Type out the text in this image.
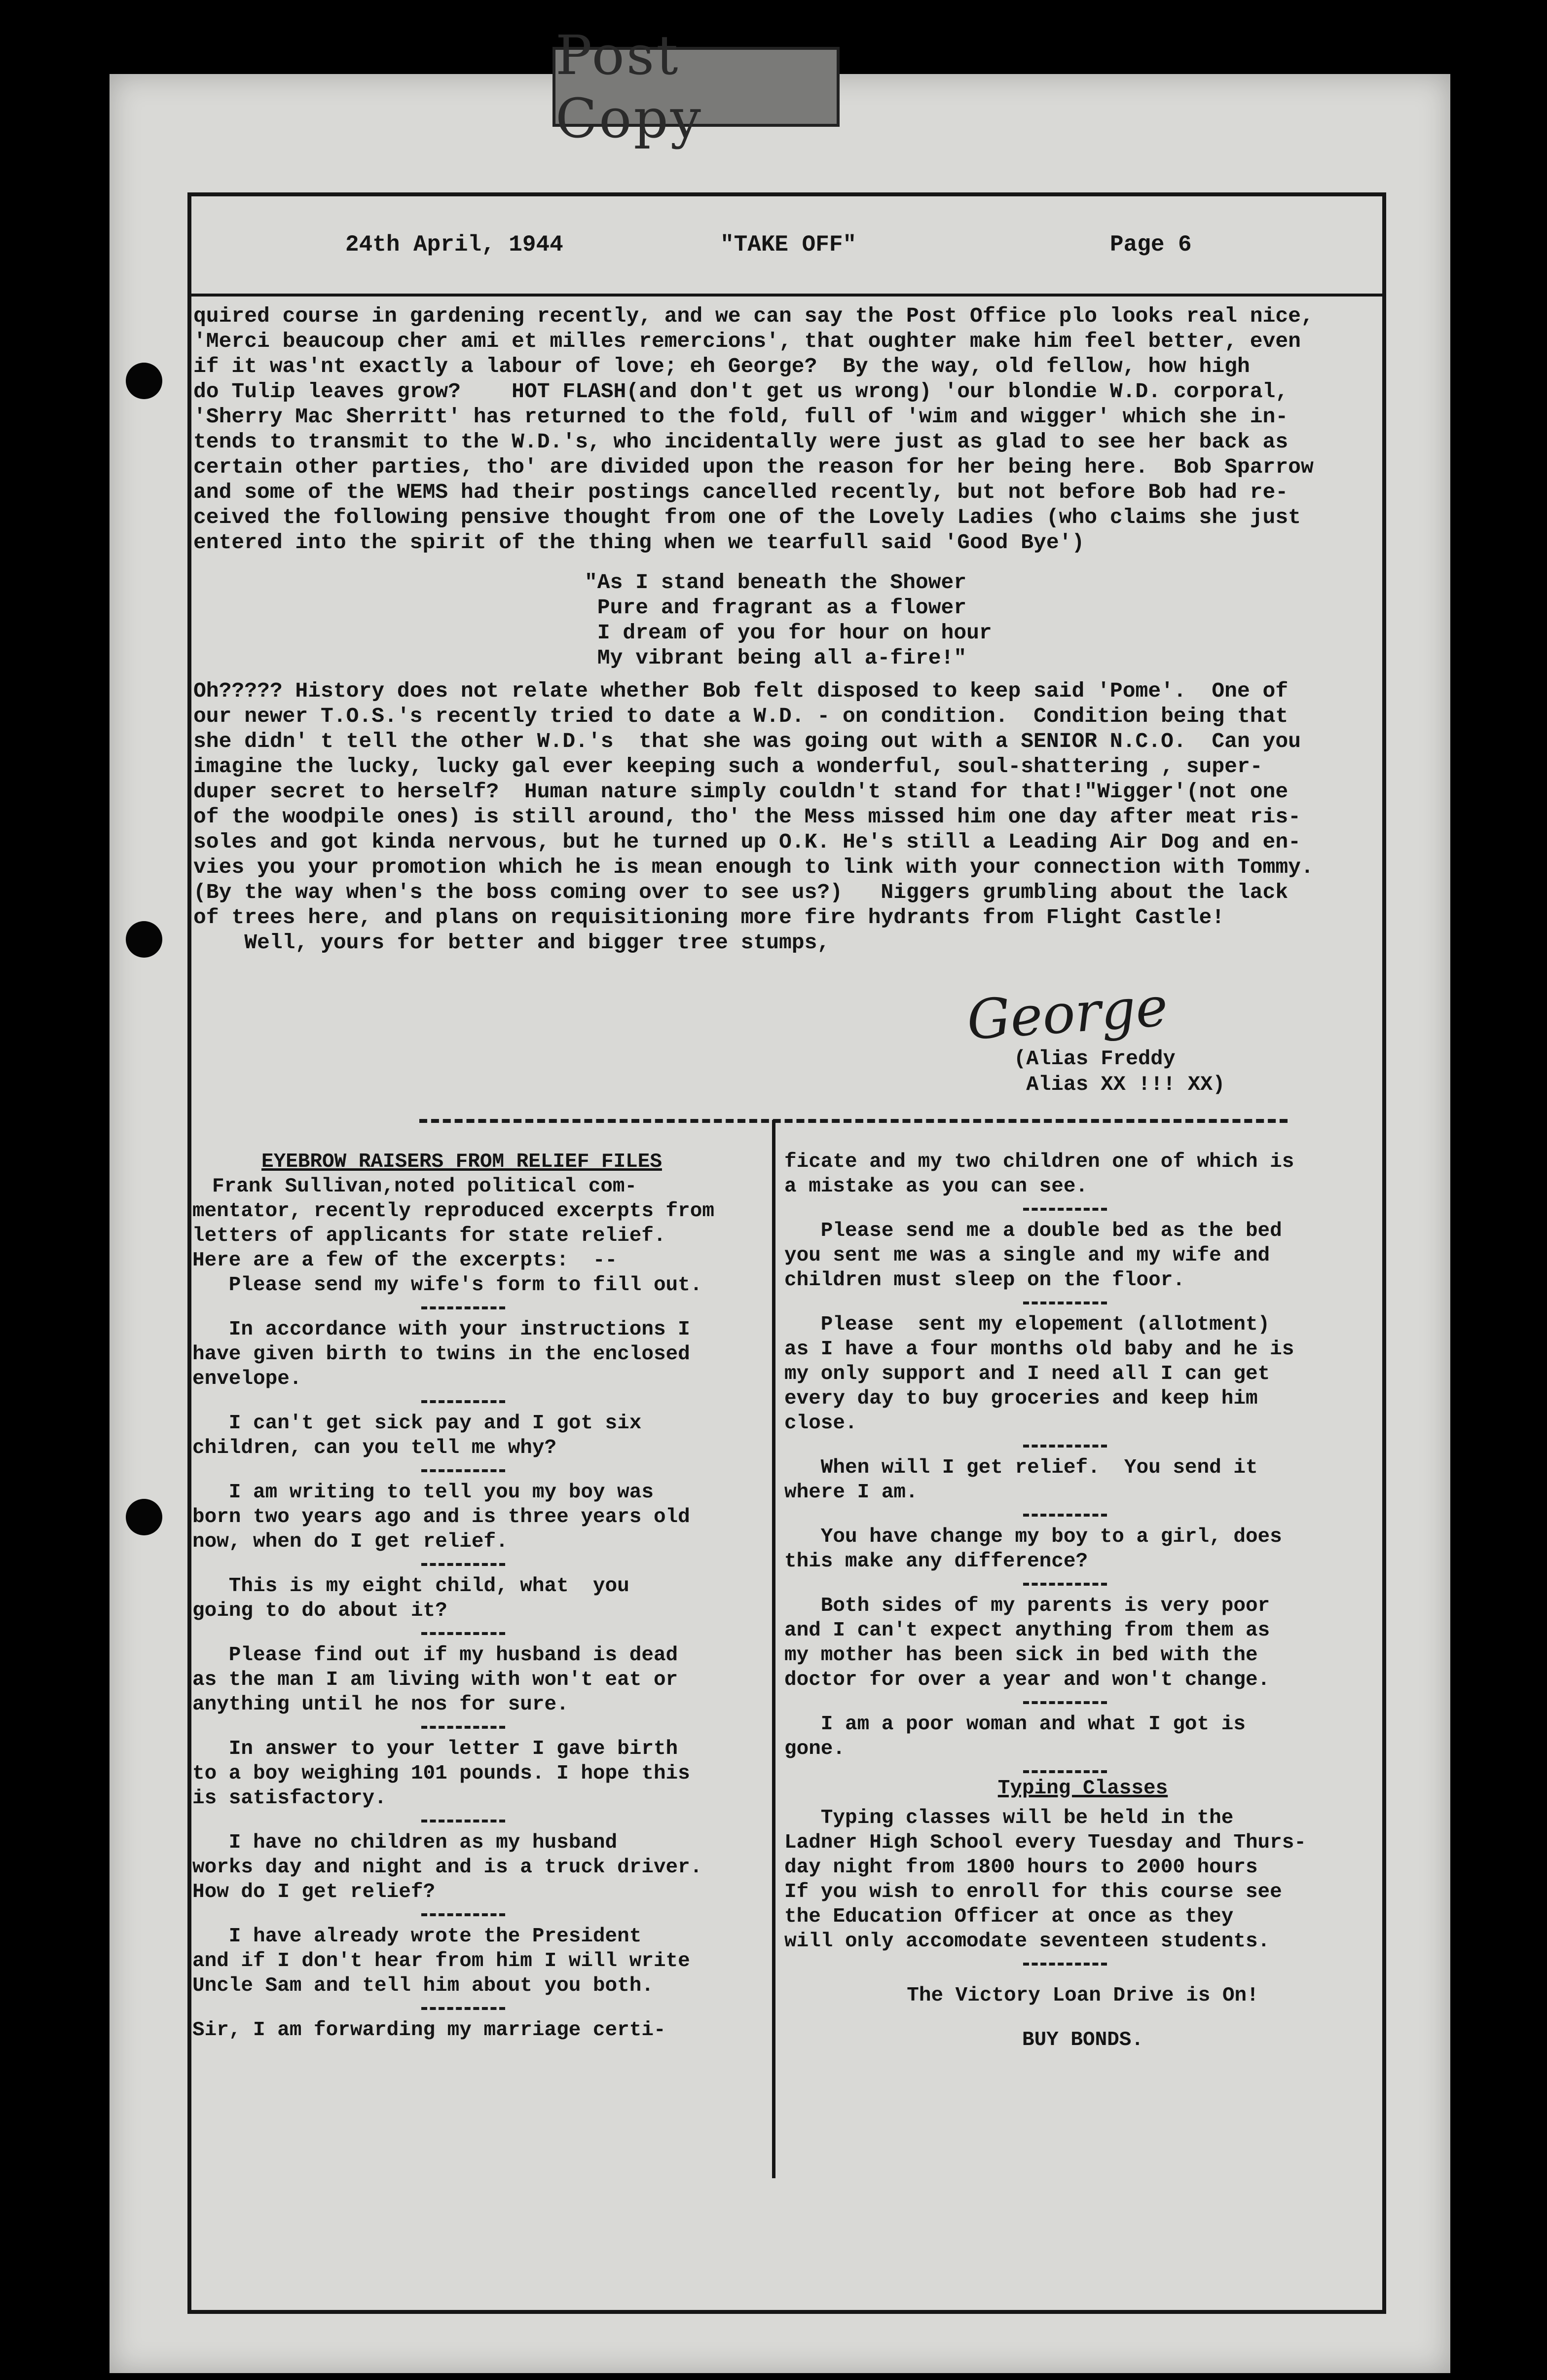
Post Copy
24th April, 1944	"TAKE OFF"	Page 6
quired course in gardening recently, and we can say the Post Office plo looks real nice,
'Merci beaucoup cher ami et milles remercions', that oughter make him feel better, even
if it was'nt exactly a labour of love; eh George?  By the way, old fellow, how high
do Tulip leaves grow?    HOT FLASH(and don't get us wrong) 'our blondie W.D. corporal,
'Sherry Mac Sherritt' has returned to the fold, full of 'wim and wigger' which she in-
tends to transmit to the W.D.'s, who incidentally were just as glad to see her back as
certain other parties, tho' are divided upon the reason for her being here.  Bob Sparrow
and some of the WEMS had their postings cancelled recently, but not before Bob had re-
ceived the following pensive thought from one of the Lovely Ladies (who claims she just
entered into the spirit of the thing when we tearfull said 'Good Bye')
"As I stand beneath the Shower
Pure and fragrant as a flower
I dream of you for hour on hour
My vibrant being all a-fire!"
Oh????? History does not relate whether Bob felt disposed to keep said 'Pome'.  One of
our newer T.O.S.'s recently tried to date a W.D. - on condition.  Condition being that
she didn' t tell the other W.D.'s  that she was going out with a SENIOR N.C.O.  Can you
imagine the lucky, lucky gal ever keeping such a wonderful, soul-shattering , super-
duper secret to herself?  Human nature simply couldn't stand for that!"Wigger'(not one
of the woodpile ones) is still around, tho' the Mess missed him one day after meat ris-
soles and got kinda nervous, but he turned up O.K. He's still a Leading Air Dog and en-
vies you your promotion which he is mean enough to link with your connection with Tommy.
(By the way when's the boss coming over to see us?)   Niggers grumbling about the lack
of trees here, and plans on requisitioning more fire hydrants from Flight Castle!
Well, yours for better and bigger tree stumps,
George
(Alias Freddy
Alias XX !!! XX)
EYEBROW RAISERS FROM RELIEF FILES
Frank Sullivan,noted political com-
mentator, recently reproduced excerpts from
letters of applicants for state relief.
Here are a few of the excerpts:  --
Please send my wife's form to fill out.
In accordance with your instructions I
have given birth to twins in the enclosed
envelope.
I can't get sick pay and I got six
children, can you tell me why?
I am writing to tell you my boy was
born two years ago and is three years old
now, when do I get relief.
This is my eight child, what  you
going to do about it?
Please find out if my husband is dead
as the man I am living with won't eat or
anything until he nos for sure.
In answer to your letter I gave birth
to a boy weighing 101 pounds. I hope this
is satisfactory.
I have no children as my husband
works day and night and is a truck driver.
How do I get relief?
I have already wrote the President
and if I don't hear from him I will write
Uncle Sam and tell him about you both.
Sir, I am forwarding my marriage certi-
ficate and my two children one of which is
a mistake as you can see.
Please send me a double bed as the bed
you sent me was a single and my wife and
children must sleep on the floor.
Please  sent my elopement (allotment)
as I have a four months old baby and he is
my only support and I need all I can get
every day to buy groceries and keep him
close.
When will I get relief.  You send it
where I am.
You have change my boy to a girl, does
this make any difference?
Both sides of my parents is very poor
and I can't expect anything from them as
my mother has been sick in bed with the
doctor for over a year and won't change.
I am a poor woman and what I got is
gone.
Typing Classes
Typing classes will be held in the
Ladner High School every Tuesday and Thurs-
day night from 1800 hours to 2000 hours
If you wish to enroll for this course see
the Education Officer at once as they
will only accomodate seventeen students.
The Victory Loan Drive is On!
BUY BONDS.
